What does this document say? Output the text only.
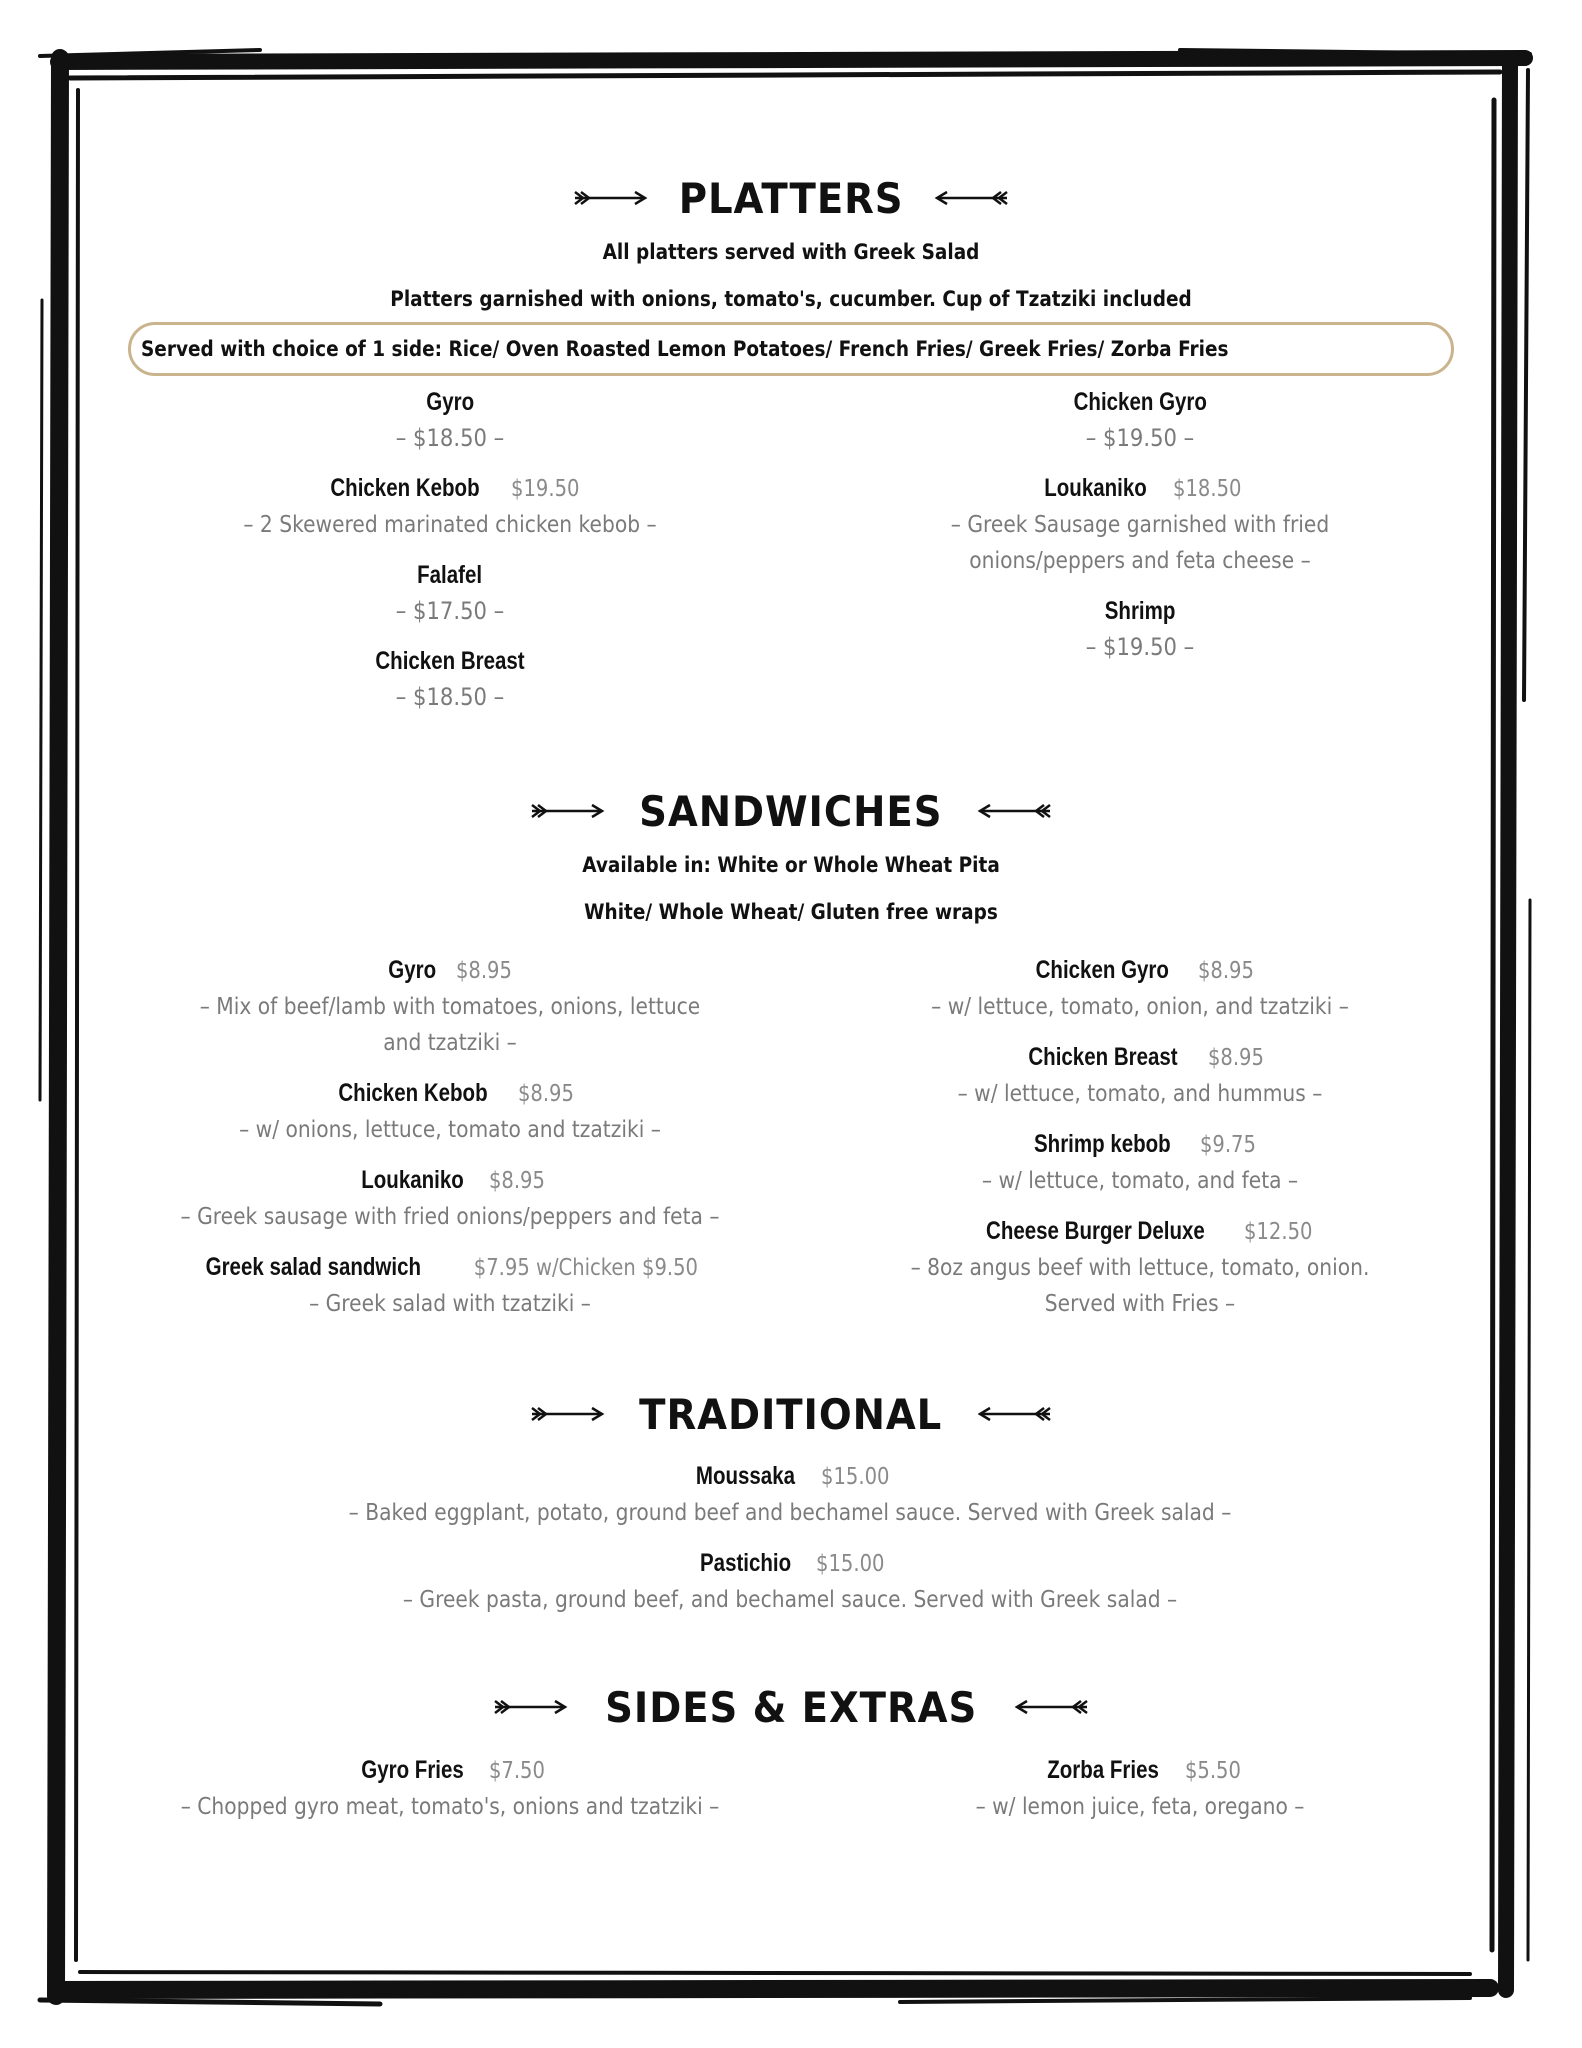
PLATTERS
All platters served with Greek Salad
Platters garnished with onions, tomato's, cucumber. Cup of Tzatziki included
Served with choice of 1 side: Rice/ Oven Roasted Lemon Potatoes/ French Fries/ Greek Fries/ Zorba Fries
Gyro
– $18.50 –
Chicken Kebob $19.50
– 2 Skewered marinated chicken kebob –
Falafel
– $17.50 –
Chicken Breast
– $18.50 –
Chicken Gyro
– $19.50 –
Loukaniko $18.50
– Greek Sausage garnished with fried onions/peppers and feta cheese –
Shrimp
– $19.50 –
SANDWICHES
Available in: White or Whole Wheat Pita
White/ Whole Wheat/ Gluten free wraps
Gyro $8.95
– Mix of beef/lamb with tomatoes, onions, lettuce and tzatziki –
Chicken Kebob $8.95
– w/ onions, lettuce, tomato and tzatziki –
Loukaniko $8.95
– Greek sausage with fried onions/peppers and feta –
Greek salad sandwich $7.95 w/Chicken $9.50
– Greek salad with tzatziki –
Chicken Gyro $8.95
– w/ lettuce, tomato, onion, and tzatziki –
Chicken Breast $8.95
– w/ lettuce, tomato, and hummus –
Shrimp kebob $9.75
– w/ lettuce, tomato, and feta –
Cheese Burger Deluxe $12.50
– 8oz angus beef with lettuce, tomato, onion. Served with Fries –
TRADITIONAL
Moussaka $15.00
– Baked eggplant, potato, ground beef and bechamel sauce. Served with Greek salad –
Pastichio $15.00
– Greek pasta, ground beef, and bechamel sauce. Served with Greek salad –
SIDES & EXTRAS
Gyro Fries $7.50
– Chopped gyro meat, tomato's, onions and tzatziki –
Zorba Fries $5.50
– w/ lemon juice, feta, oregano –
